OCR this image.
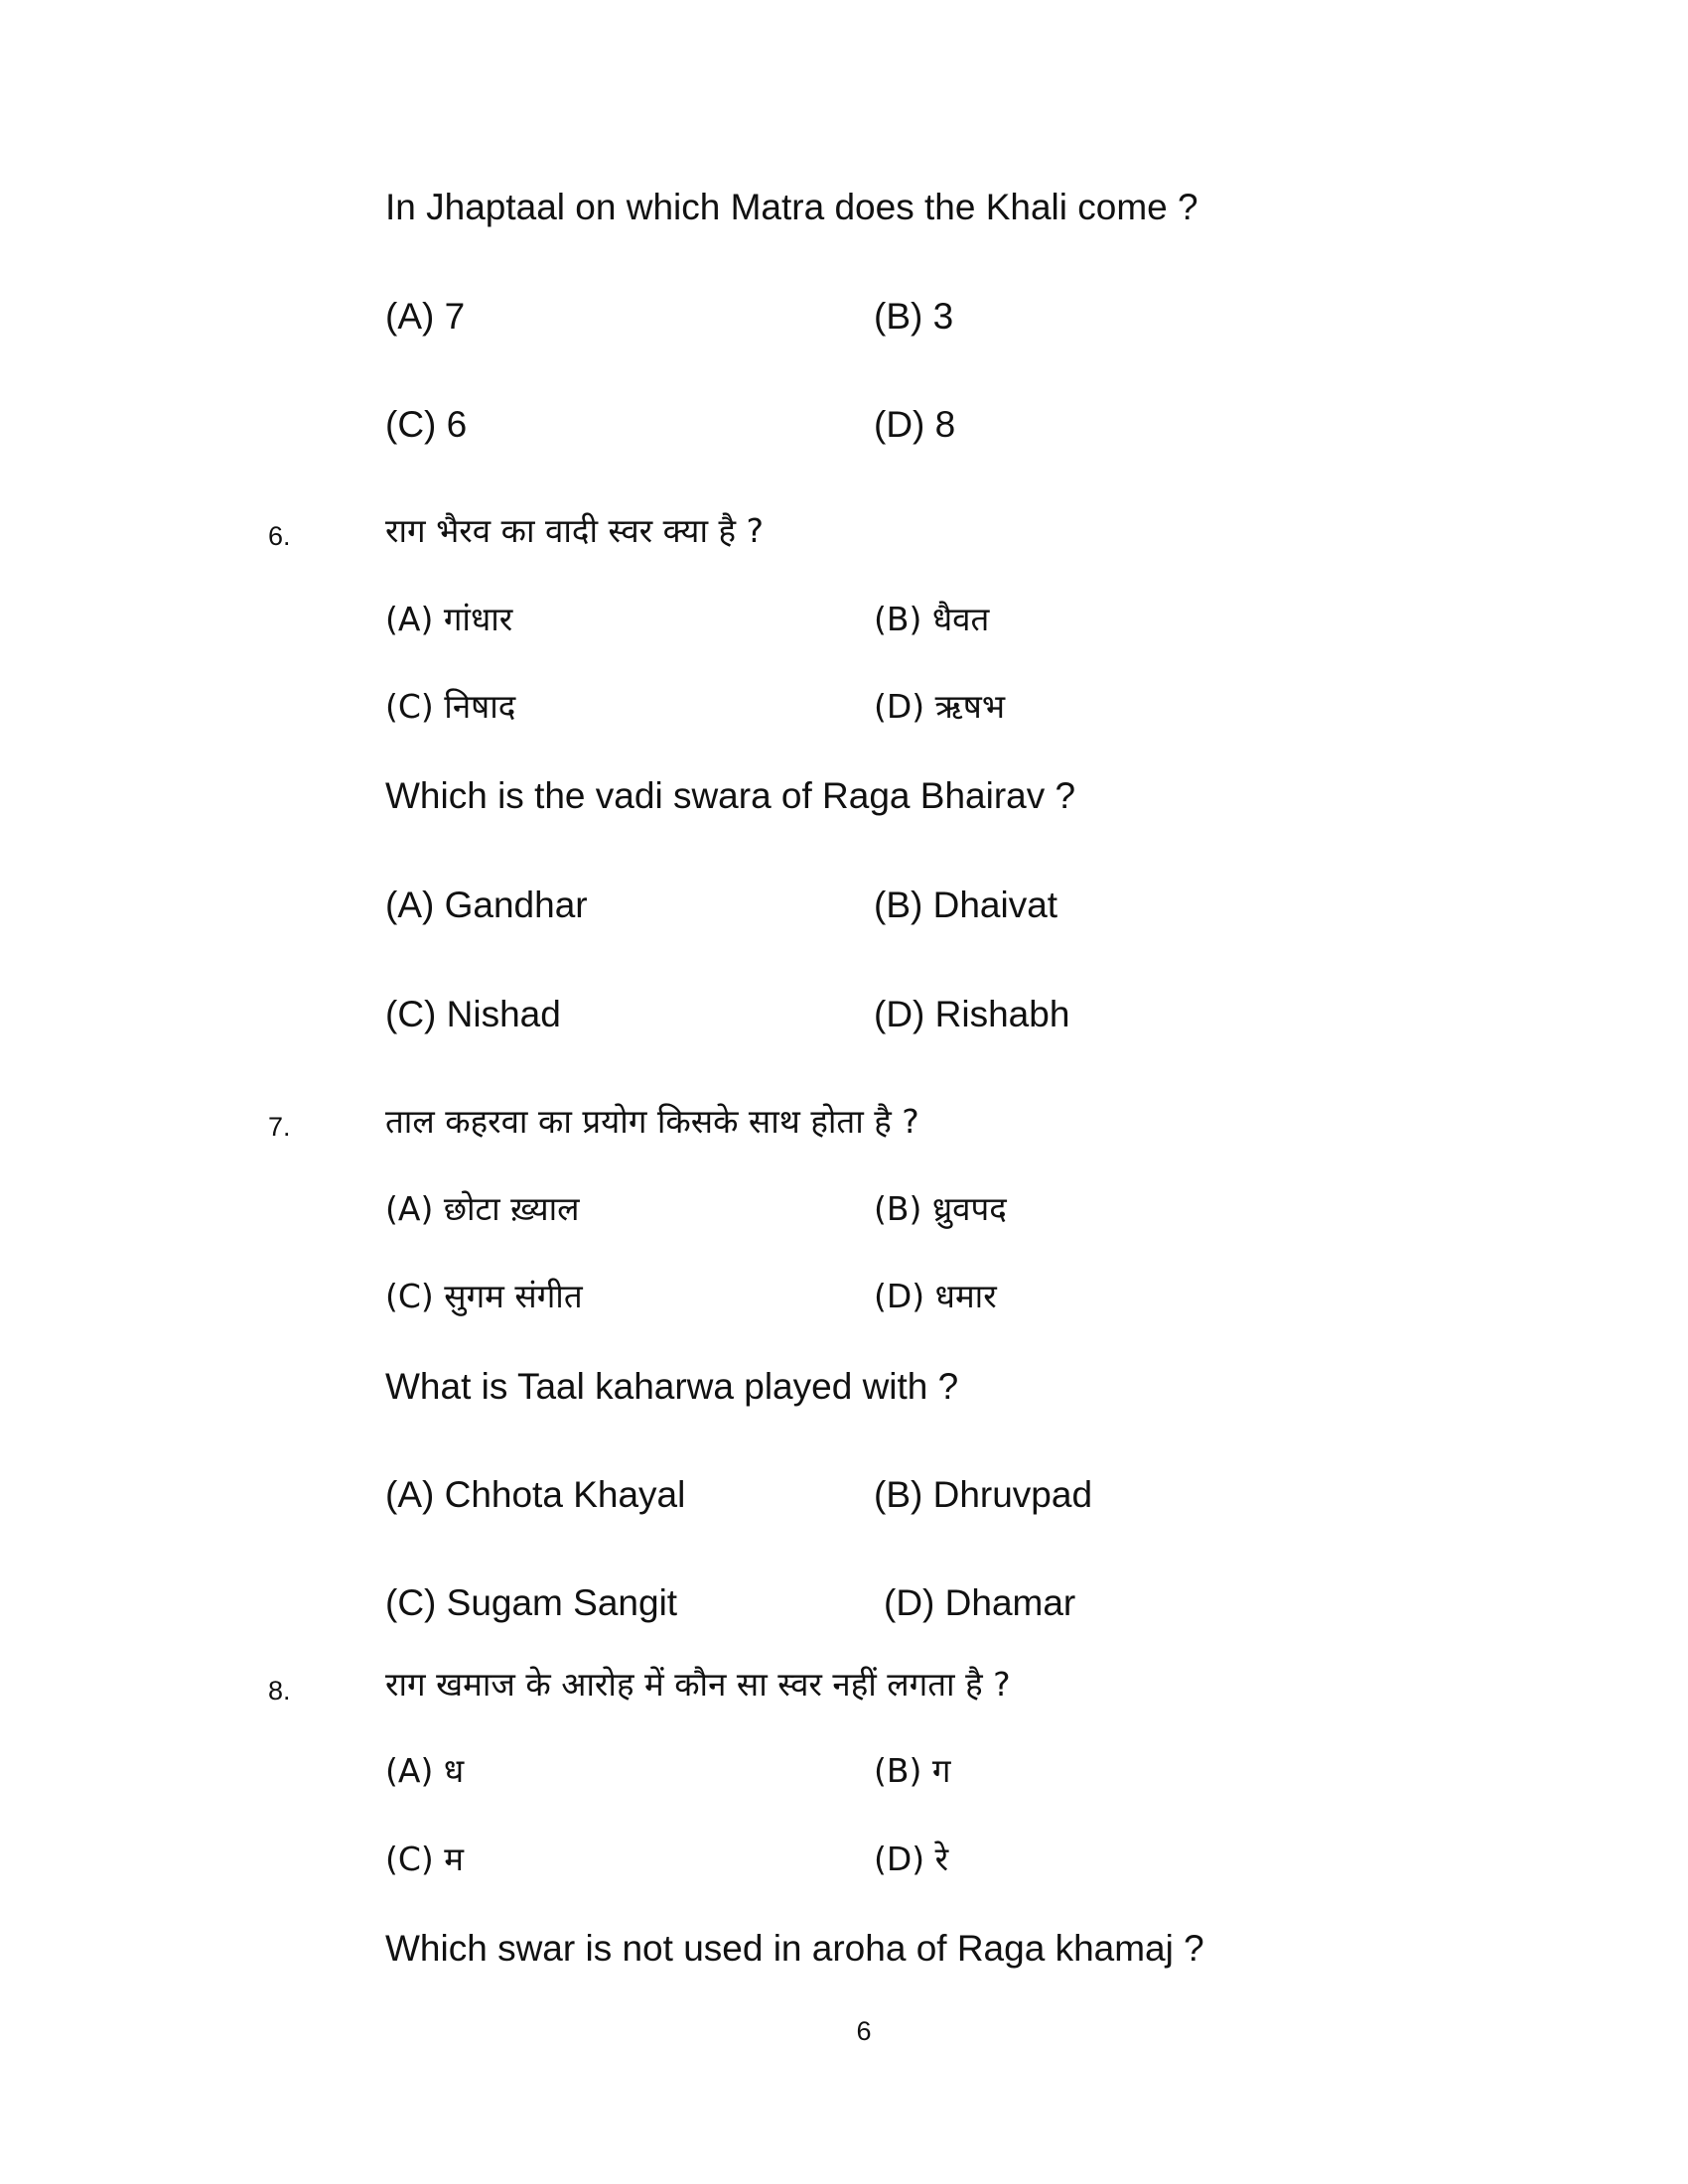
In Jhaptaal on which Matra does the Khali come ?
(A) 7	(B) 3
(C) 6	(D) 8
6.	राग भैरव का वादी स्वर क्या है ?
(A) गांधार	(B) धैवत
(C) निषाद	(D) ऋषभ
Which is the vadi swara of Raga Bhairav ?
(A) Gandhar	(B) Dhaivat
(C) Nishad	(D) Rishabh
7.	ताल कहरवा का प्रयोग किसके साथ होता है ?
(A) छोटा ख़्याल	(B) ध्रुवपद
(C) सुगम संगीत	(D) धमार
What is Taal kaharwa played with ?
(A) Chhota Khayal	(B) Dhruvpad
(C) Sugam Sangit	(D) Dhamar
8.	राग खमाज के आरोह में कौन सा स्वर नहीं लगता है ?
(A) ध	(B) ग
(C) म	(D) रे
Which swar is not used in aroha of Raga khamaj ?
6
